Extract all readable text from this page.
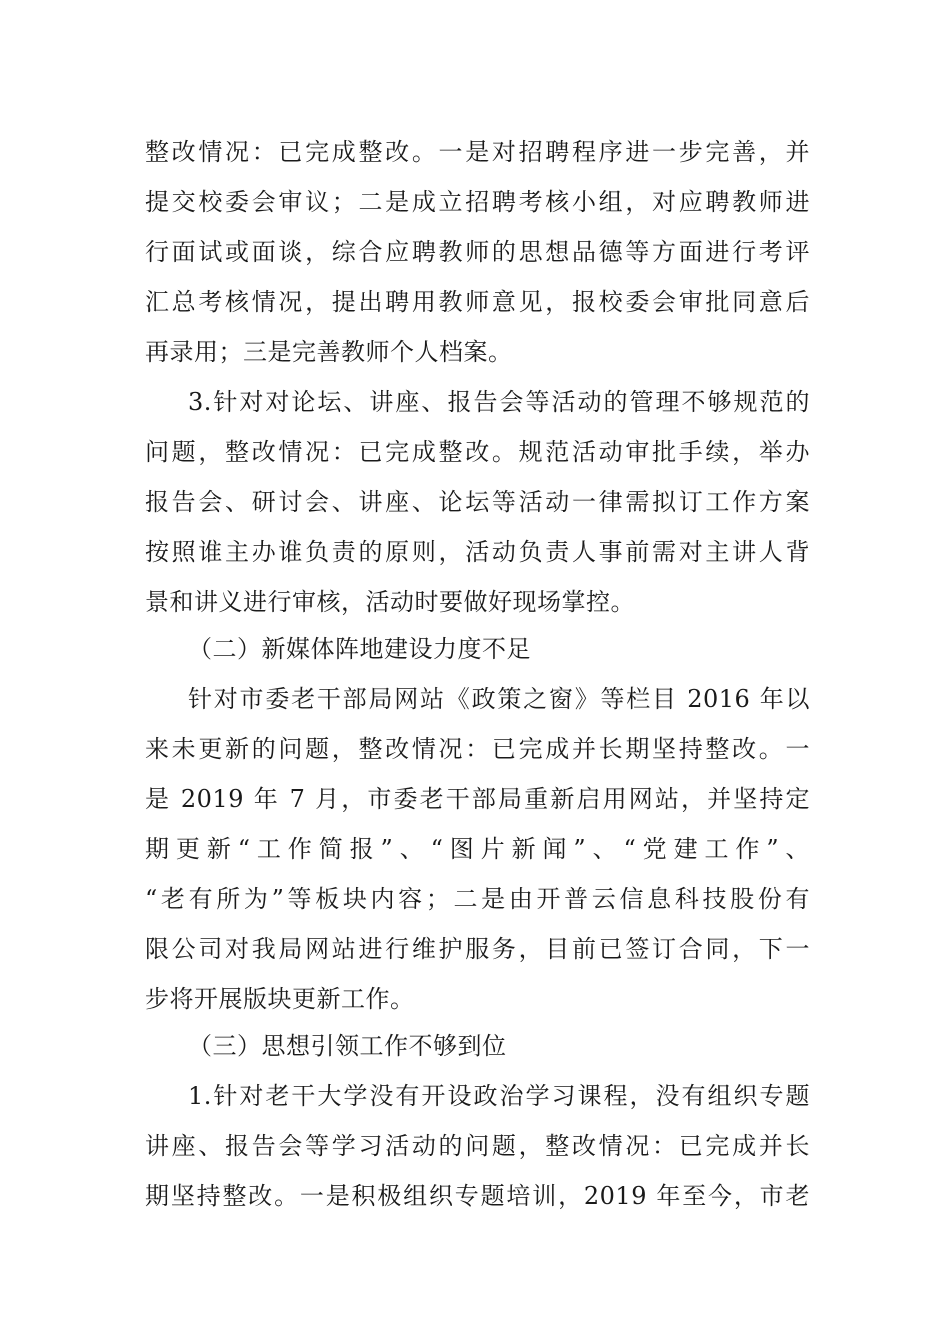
整改情况：已完成整改。一是对招聘程序进一步完善，并
提交校委会审议；二是成立招聘考核小组，对应聘教师进
行面试或面谈，综合应聘教师的思想品德等方面进行考评
汇总考核情况，提出聘用教师意见，报校委会审批同意后
再录用；三是完善教师个人档案。
3.针对对论坛、讲座、报告会等活动的管理不够规范的
问题，整改情况：已完成整改。规范活动审批手续，举办
报告会、研讨会、讲座、论坛等活动一律需拟订工作方案
按照谁主办谁负责的原则，活动负责人事前需对主讲人背
景和讲义进行审核，活动时要做好现场掌控。
（二）新媒体阵地建设力度不足
针对市委老干部局网站《政策之窗》等栏目 2016 年以
来未更新的问题，整改情况：已完成并长期坚持整改。一
是 2019 年 7 月，市委老干部局重新启用网站，并坚持定
期更新“工作简报”、“图片新闻”、“党建工作”、
“老有所为”等板块内容；二是由开普云信息科技股份有
限公司对我局网站进行维护服务，目前已签订合同，下一
步将开展版块更新工作。
（三）思想引领工作不够到位
1.针对老干大学没有开设政治学习课程，没有组织专题
讲座、报告会等学习活动的问题，整改情况：已完成并长
期坚持整改。一是积极组织专题培训，2019 年至今，市老
